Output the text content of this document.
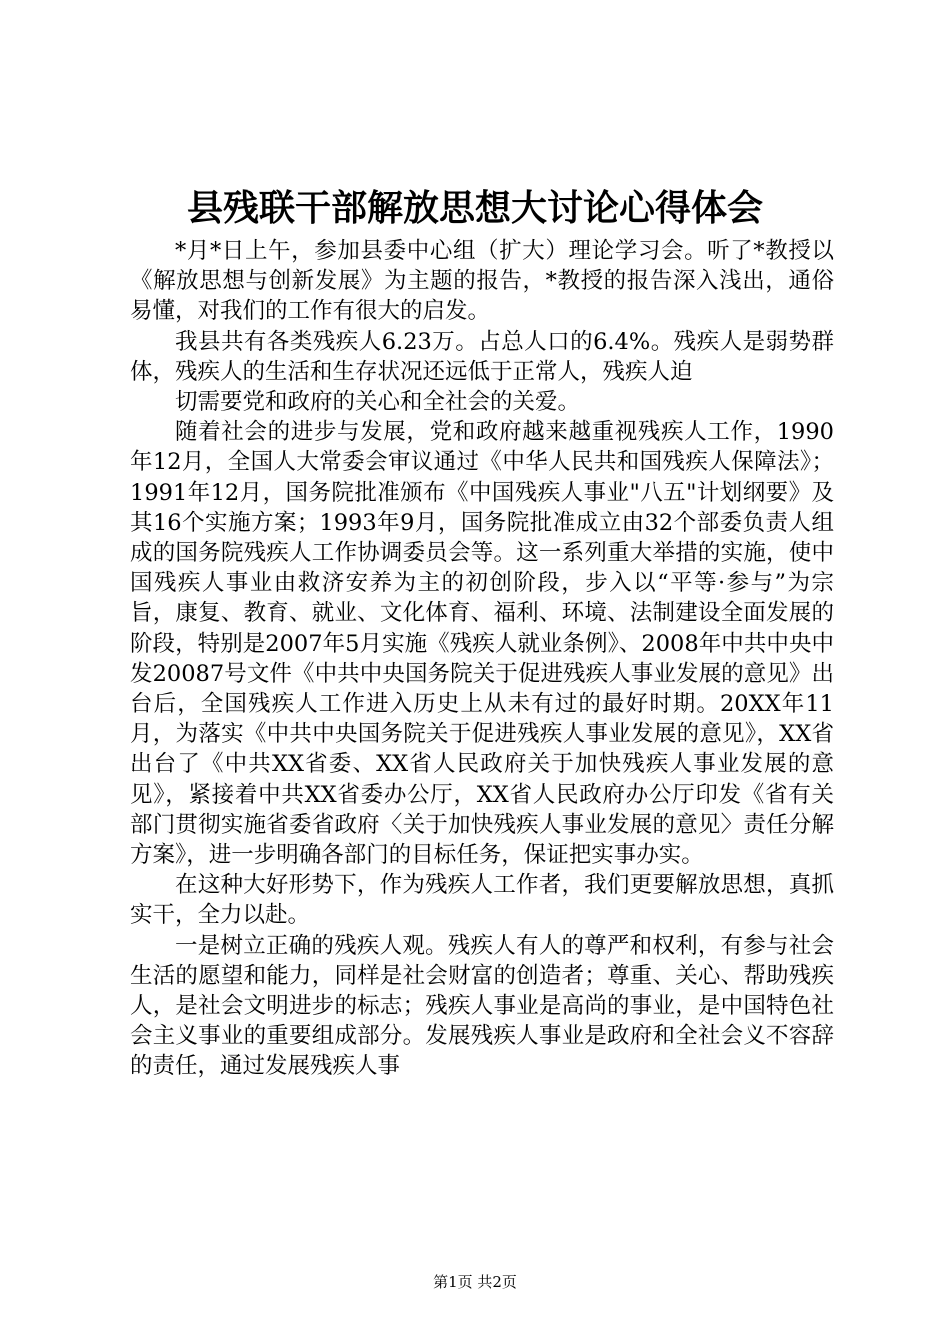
县残联干部解放思想大讨论心得体会

*月*日上午，参加县委中心组（扩大）理论学习会。听了*教授以《解放思想与创新发展》为主题的报告，*教授的报告深入浅出，通俗易懂，对我们的工作有很大的启发。

我县共有各类残疾人6.23万。占总人口的6.4%。残疾人是弱势群体，残疾人的生活和生存状况还远低于正常人，残疾人迫

切需要党和政府的关心和全社会的关爱。

随着社会的进步与发展，党和政府越来越重视残疾人工作，1990年12月，全国人大常委会审议通过《中华人民共和国残疾人保障法》；1991年12月，国务院批准颁布《中国残疾人事业"八五"计划纲要》及其16个实施方案；1993年9月，国务院批准成立由32个部委负责人组成的国务院残疾人工作协调委员会等。这一系列重大举措的实施，使中国残疾人事业由救济安养为主的初创阶段，步入以“平等·参与”为宗旨，康复、教育、就业、文化体育、福利、环境、法制建设全面发展的阶段，特别是2007年5月实施《残疾人就业条例》、2008年中共中央中发20087号文件《中共中央国务院关于促进残疾人事业发展的意见》出台后，全国残疾人工作进入历史上从未有过的最好时期。20XX年11月，为落实《中共中央国务院关于促进残疾人事业发展的意见》，XX省出台了《中共XX省委、XX省人民政府关于加快残疾人事业发展的意见》，紧接着中共XX省委办公厅，XX省人民政府办公厅印发《省有关部门贯彻实施省委省政府〈关于加快残疾人事业发展的意见〉责任分解方案》，进一步明确各部门的目标任务，保证把实事办实。

在这种大好形势下，作为残疾人工作者，我们更要解放思想，真抓实干，全力以赴。

一是树立正确的残疾人观。残疾人有人的尊严和权利，有参与社会生活的愿望和能力，同样是社会财富的创造者；尊重、关心、帮助残疾人，是社会文明进步的标志；残疾人事业是高尚的事业，是中国特色社会主义事业的重要组成部分。发展残疾人事业是政府和全社会义不容辞的责任，通过发展残疾人事

第1页 共2页
